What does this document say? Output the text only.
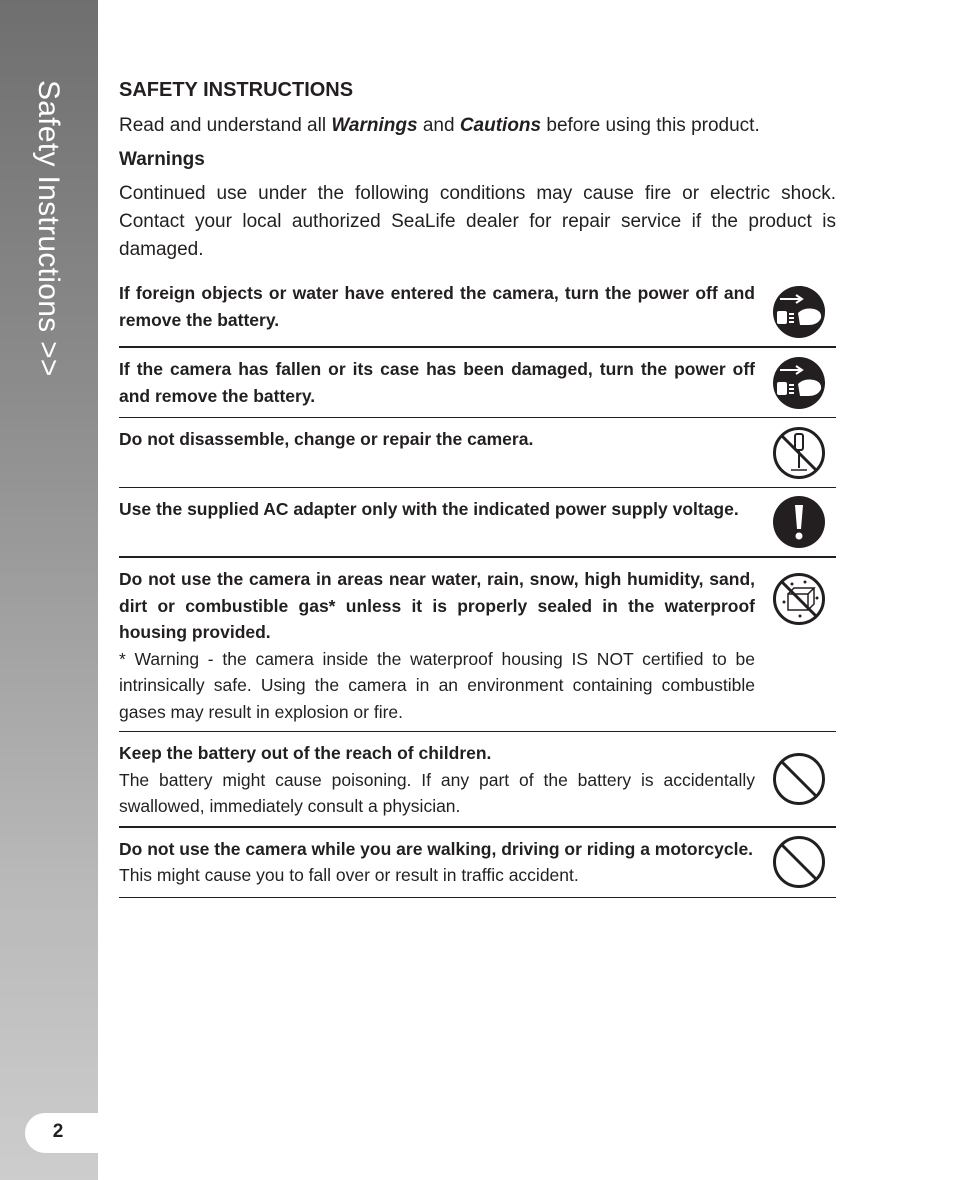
Safety Instructions >>
2
SAFETY INSTRUCTIONS

Read and understand all Warnings and Cautions before using this product.

Warnings

Continued use under the following conditions may cause fire or electric shock. Contact your local authorized SeaLife dealer for repair service if the product is damaged.

If foreign objects or water have entered the camera, turn the power off and remove the battery.
If the camera has fallen or its case has been damaged, turn the power off and remove the battery.
Do not disassemble, change or repair the camera.
Use the supplied AC adapter only with the indicated power supply voltage.
Do not use the camera in areas near water, rain, snow, high humidity, sand, dirt or combustible gas* unless it is properly sealed in the waterproof housing provided.
* Warning - the camera inside the waterproof housing IS NOT certified to be intrinsically safe. Using the camera in an environment containing combustible gases may result in explosion or fire.
Keep the battery out of the reach of children.
The battery might cause poisoning. If any part of the battery is accidentally swallowed, immediately consult a physician.
Do not use the camera while you are walking, driving or riding a motorcycle.
This might cause you to fall over or result in traffic accident.
